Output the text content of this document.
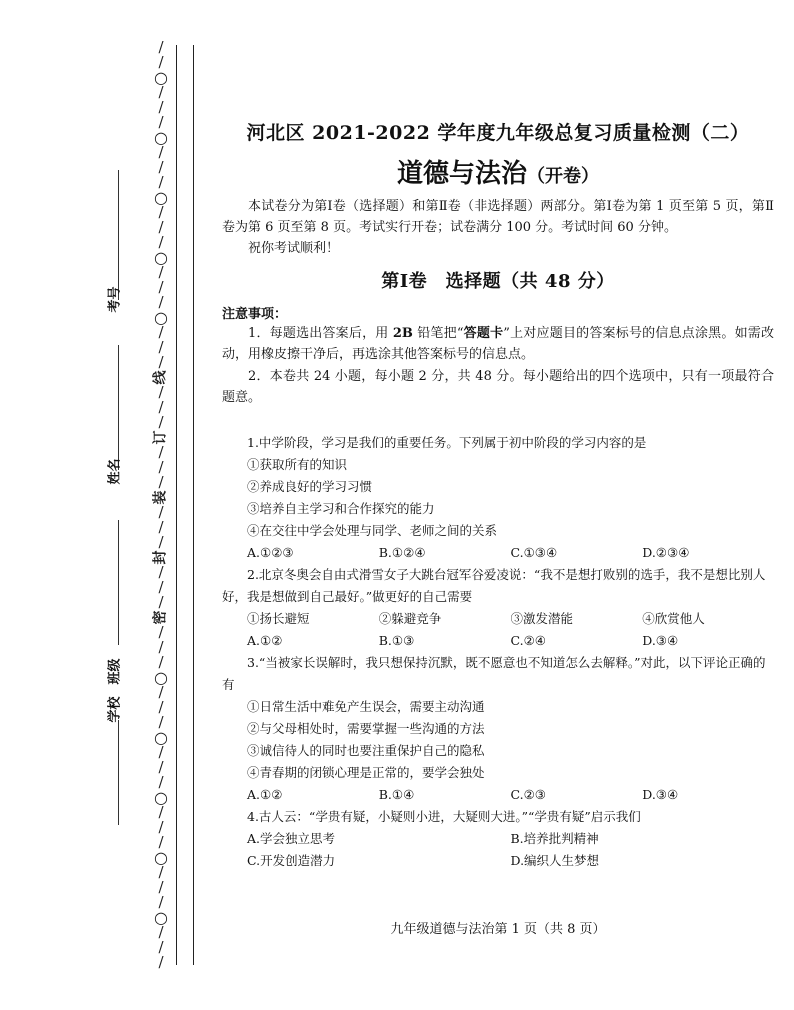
/
/
○
/
/
/
○
/
/
/
○
/
/
/
○
/
/
/
○
/
/
/
线
/
/
/
订
/
/
/
装
/
/
/
封
/
/
/
密
/
/
/
○
/
/
/
○
/
/
/
○
/
/
/
○
/
/
/
○
/
/
/
考号
姓名
班级
学校
河北区 2021-2022 学年度九年级总复习质量检测（二）
道德与法治（开卷）
本试卷分为第Ⅰ卷（选择题）和第Ⅱ卷（非选择题）两部分。第Ⅰ卷为第 1 页至第 5 页，第Ⅱ卷为第 6 页至第 8 页。考试实行开卷；试卷满分 100 分。考试时间 60 分钟。
祝你考试顺利！
第Ⅰ卷　选择题（共 48 分）
注意事项：
1．每题选出答案后，用 2B 铅笔把“答题卡”上对应题目的答案标号的信息点涂黑。如需改动，用橡皮擦干净后，再选涂其他答案标号的信息点。
2．本卷共 24 小题，每小题 2 分，共 48 分。每小题给出的四个选项中，只有一项最符合题意。
1.中学阶段，学习是我们的重要任务。下列属于初中阶段的学习内容的是
①获取所有的知识
②养成良好的学习习惯
③培养自主学习和合作探究的能力
④在交往中学会处理与同学、老师之间的关系
A.①②③	B.①②④	C.①③④	D.②③④
2.北京冬奥会自由式滑雪女子大跳台冠军谷爱凌说：“我不是想打败别的选手，我不是想比别人好，我是想做到自己最好。”做更好的自己需要
①扬长避短	②躲避竞争	③激发潜能	④欣赏他人
A.①②	B.①③	C.②④	D.③④
3.“当被家长误解时，我只想保持沉默，既不愿意也不知道怎么去解释。”对此，以下评论正确的有
①日常生活中难免产生误会，需要主动沟通
②与父母相处时，需要掌握一些沟通的方法
③诚信待人的同时也要注重保护自己的隐私
④青春期的闭锁心理是正常的，要学会独处
A.①②	B.①④	C.②③	D.③④
4.古人云：“学贵有疑，小疑则小进，大疑则大进。”“学贵有疑”启示我们
A.学会独立思考	B.培养批判精神
C.开发创造潜力	D.编织人生梦想
九年级道德与法治第 1 页（共 8 页）
